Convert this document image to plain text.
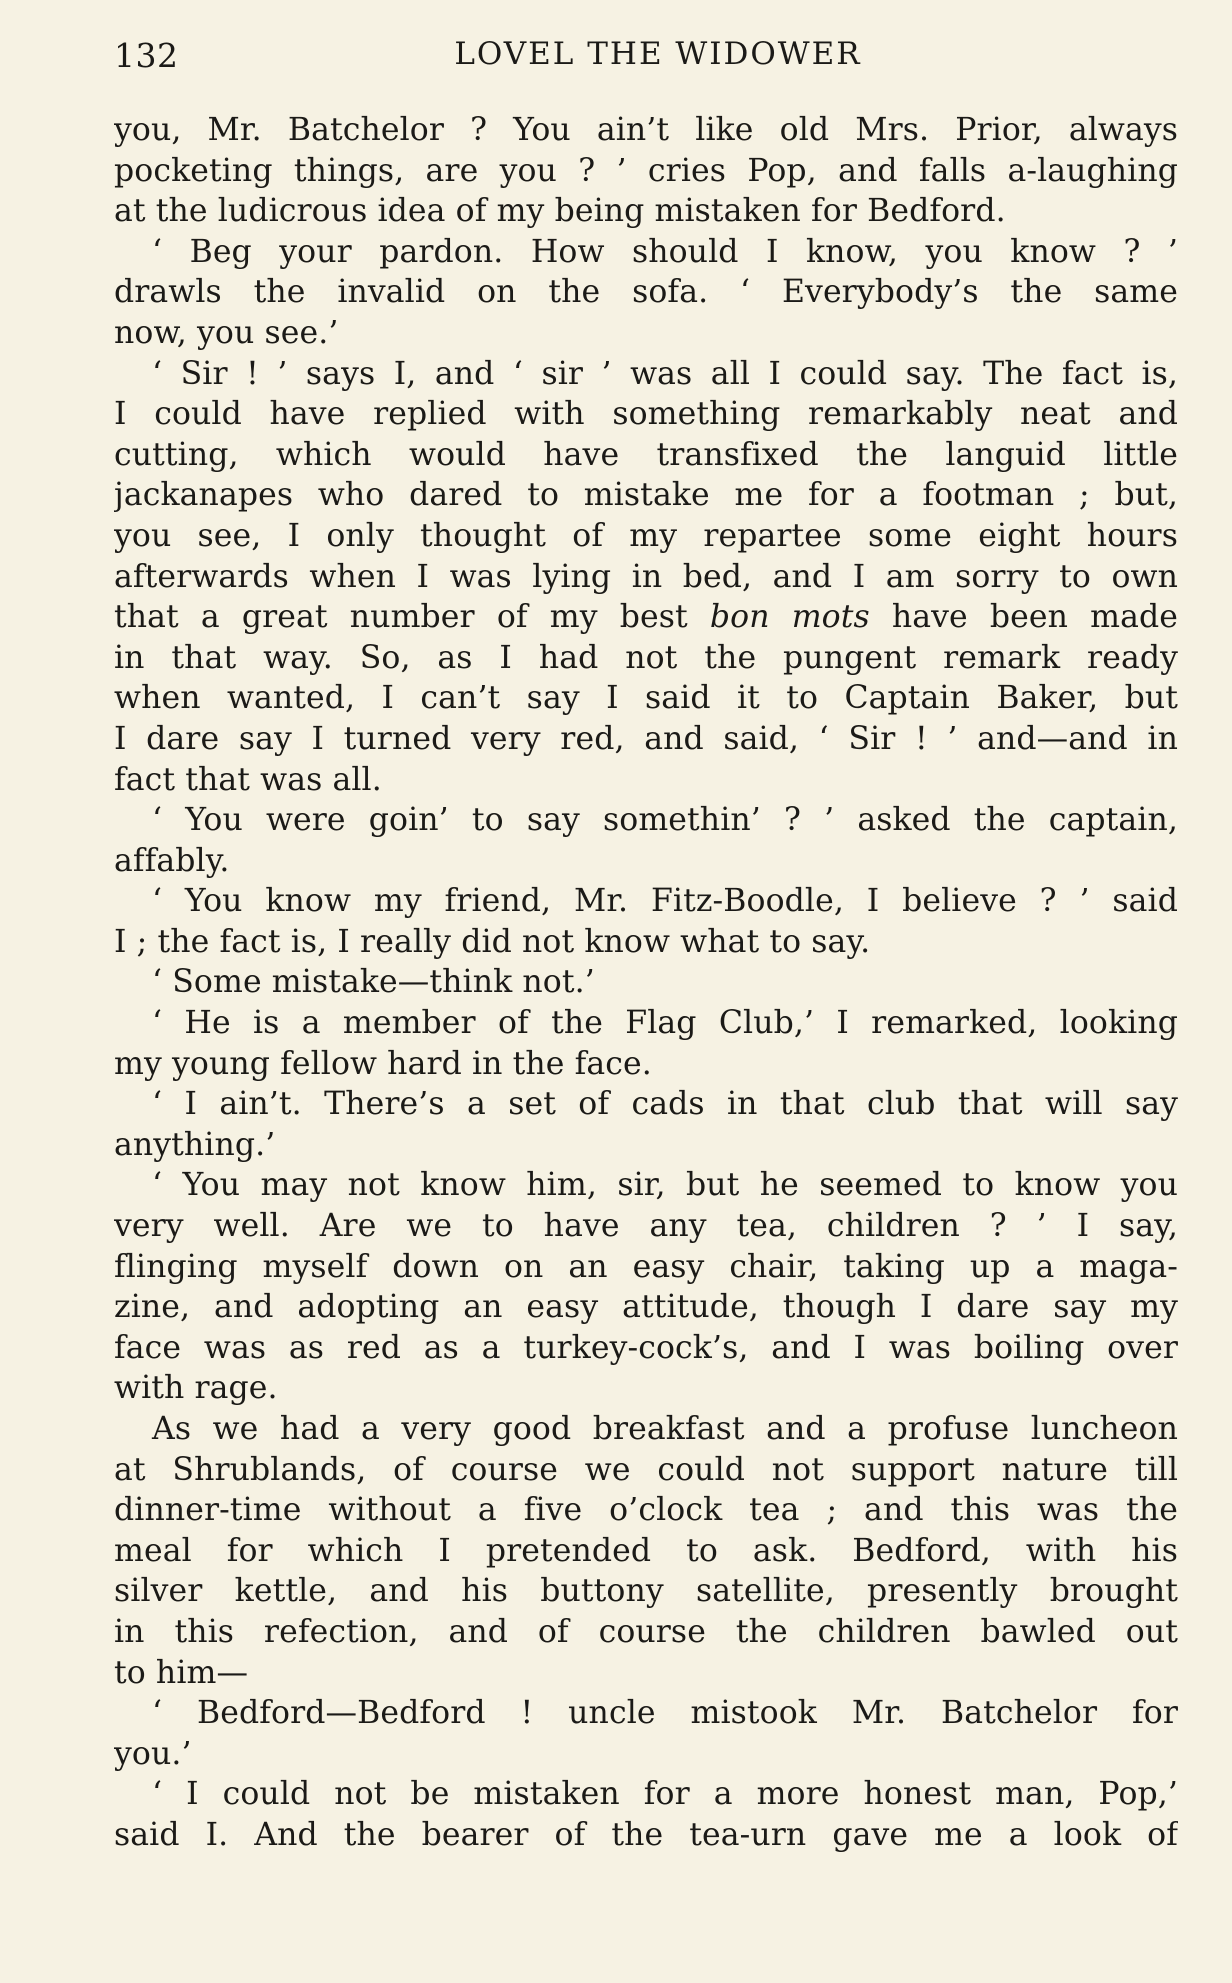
132	LOVEL THE WIDOWER
you, Mr. Batchelor ? You ain’t like old Mrs. Prior, always
pocketing things, are you ? ’ cries Pop, and falls a-laughing
at the ludicrous idea of my being mistaken for Bedford.
‘ Beg your pardon. How should I know, you know ? ’
drawls the invalid on the sofa. ‘ Everybody’s the same
now, you see.’
‘ Sir ! ’ says I, and ‘ sir ’ was all I could say. The fact is,
I could have replied with something remarkably neat and
cutting, which would have transfixed the languid little
jackanapes who dared to mistake me for a footman ; but,
you see, I only thought of my repartee some eight hours
afterwards when I was lying in bed, and I am sorry to own
that a great number of my best bon mots have been made
in that way. So, as I had not the pungent remark ready
when wanted, I can’t say I said it to Captain Baker, but
I dare say I turned very red, and said, ‘ Sir ! ’ and—and in
fact that was all.
‘ You were goin’ to say somethin’ ? ’ asked the captain,
affably.
‘ You know my friend, Mr. Fitz-Boodle, I believe ? ’ said
I ; the fact is, I really did not know what to say.
‘ Some mistake—think not.’
‘ He is a member of the Flag Club,’ I remarked, looking
my young fellow hard in the face.
‘ I ain’t. There’s a set of cads in that club that will say
anything.’
‘ You may not know him, sir, but he seemed to know you
very well. Are we to have any tea, children ? ’ I say,
flinging myself down on an easy chair, taking up a maga-
zine, and adopting an easy attitude, though I dare say my
face was as red as a turkey-cock’s, and I was boiling over
with rage.
As we had a very good breakfast and a profuse luncheon
at Shrublands, of course we could not support nature till
dinner-time without a five o’clock tea ; and this was the
meal for which I pretended to ask. Bedford, with his
silver kettle, and his buttony satellite, presently brought
in this refection, and of course the children bawled out
to him—
‘ Bedford—Bedford ! uncle mistook Mr. Batchelor for
you.’
‘ I could not be mistaken for a more honest man, Pop,’
said I. And the bearer of the tea-urn gave me a look of
